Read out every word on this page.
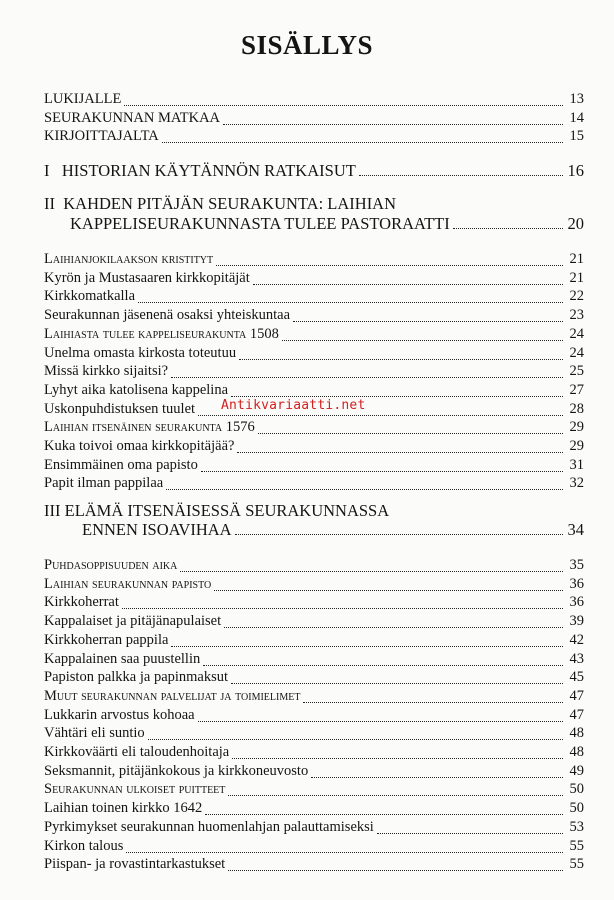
SISÄLLYS
LUKIJALLE	13
SEURAKUNNAN MATKAA	14
KIRJOITTAJALTA	15
I   HISTORIAN KÄYTÄNNÖN RATKAISUT	16
II  KAHDEN PITÄJÄN SEURAKUNTA: LAIHIAN
KAPPELISEURAKUNNASTA TULEE PASTORAATTI	20
Laihianjokilaakson kristityt	21
Kyrön ja Mustasaaren kirkkopitäjät	21
Kirkkomatkalla	22
Seurakunnan jäsenenä osaksi yhteiskuntaa	23
Laihiasta tulee kappeliseurakunta 1508	24
Unelma omasta kirkosta toteutuu	24
Missä kirkko sijaitsi?	25
Lyhyt aika katolisena kappelina	27
Uskonpuhdistuksen tuulet	28
Laihian itsenäinen seurakunta 1576	29
Kuka toivoi omaa kirkkopitäjää?	29
Ensimmäinen oma papisto	31
Papit ilman pappilaa	32
III ELÄMÄ ITSENÄISESSÄ SEURAKUNNASSA
ENNEN ISOAVIHAA	34
Puhdasoppisuuden aika	35
Laihian seurakunnan papisto	36
Kirkkoherrat	36
Kappalaiset ja pitäjänapulaiset	39
Kirkkoherran pappila	42
Kappalainen saa puustellin	43
Papiston palkka ja papinmaksut	45
Muut seurakunnan palvelijat ja toimielimet	47
Lukkarin arvostus kohoaa	47
Vähtäri eli suntio	48
Kirkkoväärti eli taloudenhoitaja	48
Seksmannit, pitäjänkokous ja kirkkoneuvosto	49
Seurakunnan ulkoiset puitteet	50
Laihian toinen kirkko 1642	50
Pyrkimykset seurakunnan huomenlahjan palauttamiseksi	53
Kirkon talous	55
Piispan- ja rovastintarkastukset	55
Antikvariaatti.net
